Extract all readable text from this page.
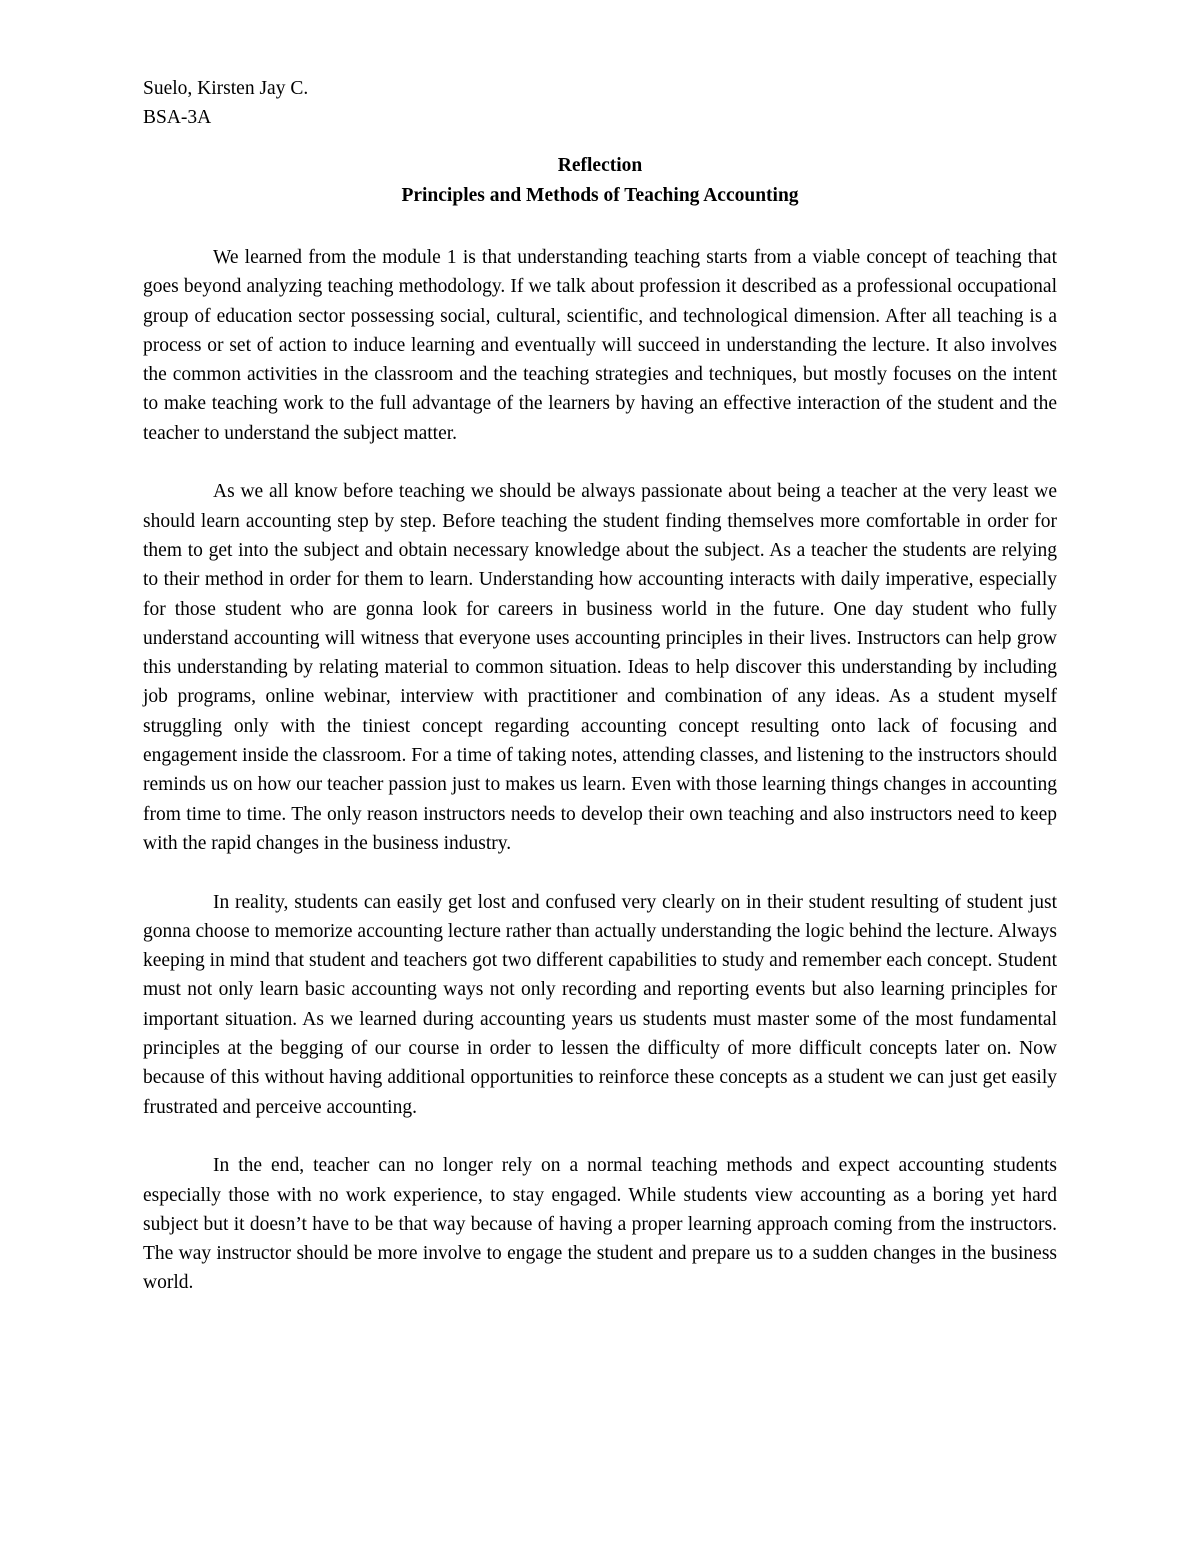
Suelo, Kirsten Jay C.
BSA-3A
Reflection
Principles and Methods of Teaching Accounting

We learned from the module 1 is that understanding teaching starts from a viable concept of teaching that goes beyond analyzing teaching methodology. If we talk about profession it described as a professional occupational group of education sector possessing social, cultural, scientific, and technological dimension. After all teaching is a process or set of action to induce learning and eventually will succeed in understanding the lecture. It also involves the common activities in the classroom and the teaching strategies and techniques, but mostly focuses on the intent to make teaching work to the full advantage of the learners by having an effective interaction of the student and the teacher to understand the subject matter.

As we all know before teaching we should be always passionate about being a teacher at the very least we should learn accounting step by step. Before teaching the student finding themselves more comfortable in order for them to get into the subject and obtain necessary knowledge about the subject. As a teacher the students are relying to their method in order for them to learn. Understanding how accounting interacts with daily imperative, especially for those student who are gonna look for careers in business world in the future. One day student who fully understand accounting will witness that everyone uses accounting principles in their lives. Instructors can help grow this understanding by relating material to common situation. Ideas to help discover this understanding by including job programs, online webinar, interview with practitioner and combination of any ideas. As a student myself struggling only with the tiniest concept regarding accounting concept resulting onto lack of focusing and engagement inside the classroom. For a time of taking notes, attending classes, and listening to the instructors should reminds us on how our teacher passion just to makes us learn. Even with those learning things changes in accounting from time to time. The only reason instructors needs to develop their own teaching and also instructors need to keep with the rapid changes in the business industry.

In reality, students can easily get lost and confused very clearly on in their student resulting of student just gonna choose to memorize accounting lecture rather than actually understanding the logic behind the lecture. Always keeping in mind that student and teachers got two different capabilities to study and remember each concept. Student must not only learn basic accounting ways not only recording and reporting events but also learning principles for important situation. As we learned during accounting years us students must master some of the most fundamental principles at the begging of our course in order to lessen the difficulty of more difficult concepts later on. Now because of this without having additional opportunities to reinforce these concepts as a student we can just get easily frustrated and perceive accounting.

In the end, teacher can no longer rely on a normal teaching methods and expect accounting students especially those with no work experience, to stay engaged. While students view accounting as a boring yet hard subject but it doesn’t have to be that way because of having a proper learning approach coming from the instructors. The way instructor should be more involve to engage the student and prepare us to a sudden changes in the business world.
